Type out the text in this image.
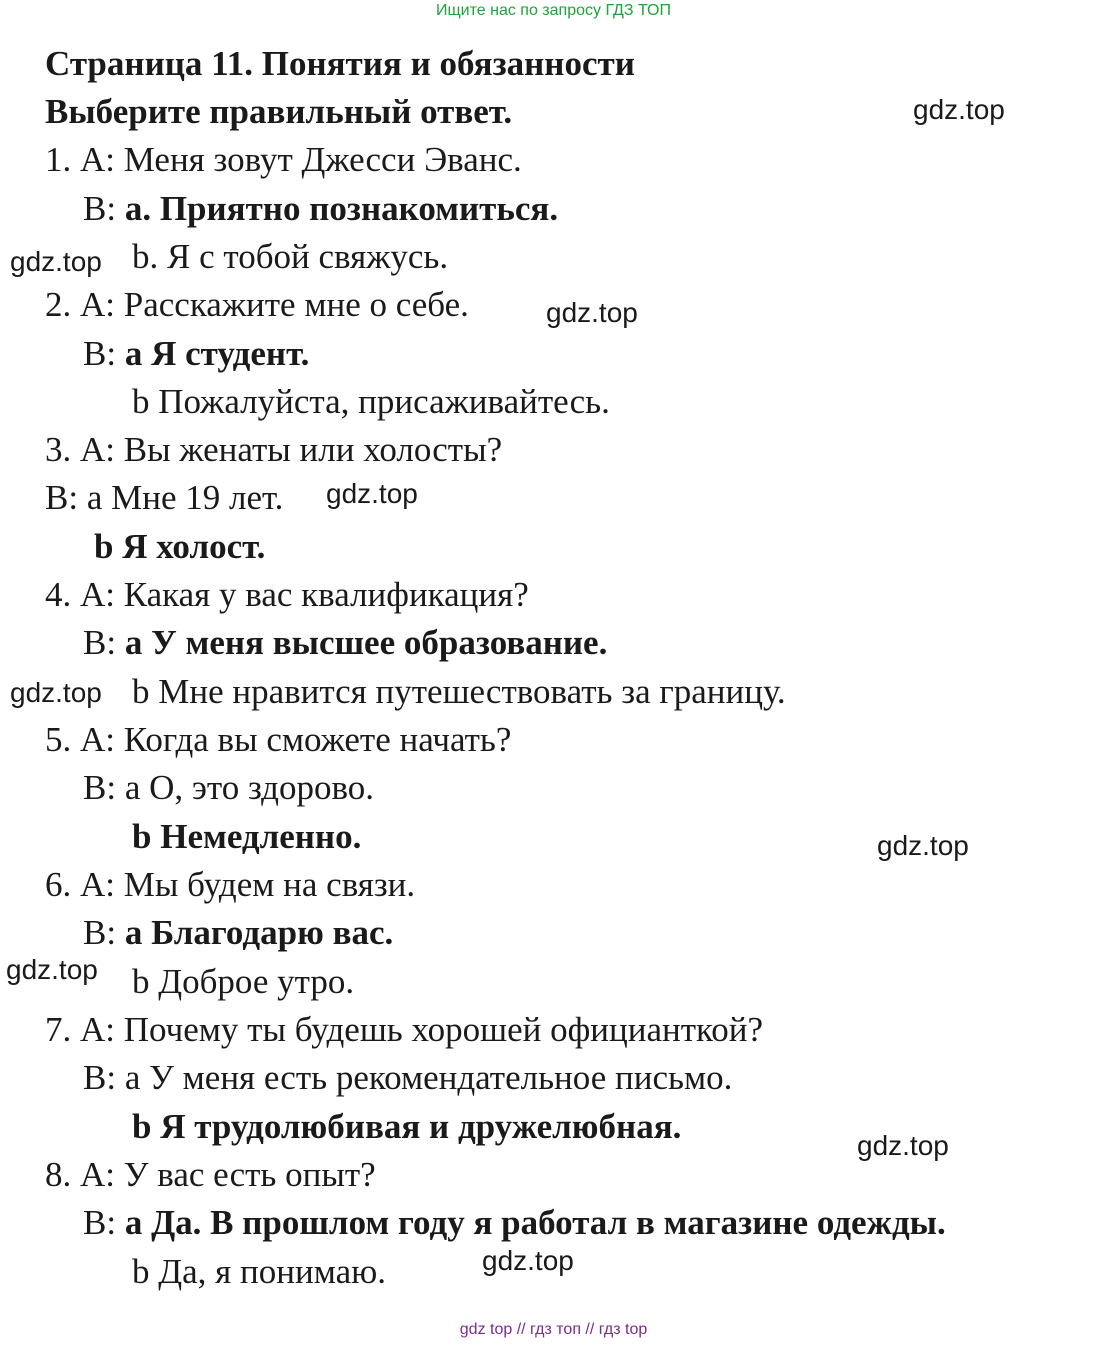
Ищите нас по запросу ГДЗ ТОП
Страница 11. Понятия и обязанности
Выберите правильный ответ.
1. А: Меня зовут Джесси Эванс.
В: а. Приятно познакомиться.
b. Я с тобой свяжусь.
2. А: Расскажите мне о себе.
В: а Я студент.
b Пожалуйста, присаживайтесь.
3. А: Вы женаты или холосты?
В: а Мне 19 лет.
b Я холост.
4. А: Какая у вас квалификация?
В: а У меня высшее образование.
b Мне нравится путешествовать за границу.
5. А: Когда вы сможете начать?
В: а О, это здорово.
b Немедленно.
6. А: Мы будем на связи.
В: а Благодарю вас.
b Доброе утро.
7. А: Почему ты будешь хорошей официанткой?
В: а У меня есть рекомендательное письмо.
b Я трудолюбивая и дружелюбная.
8. А: У вас есть опыт?
В: а Да. В прошлом году я работал в магазине одежды.
b Да, я понимаю.
gdz.top
gdz.top
gdz.top
gdz.top
gdz.top
gdz.top
gdz.top
gdz.top
gdz.top
gdz top // гдз топ // гдз top
